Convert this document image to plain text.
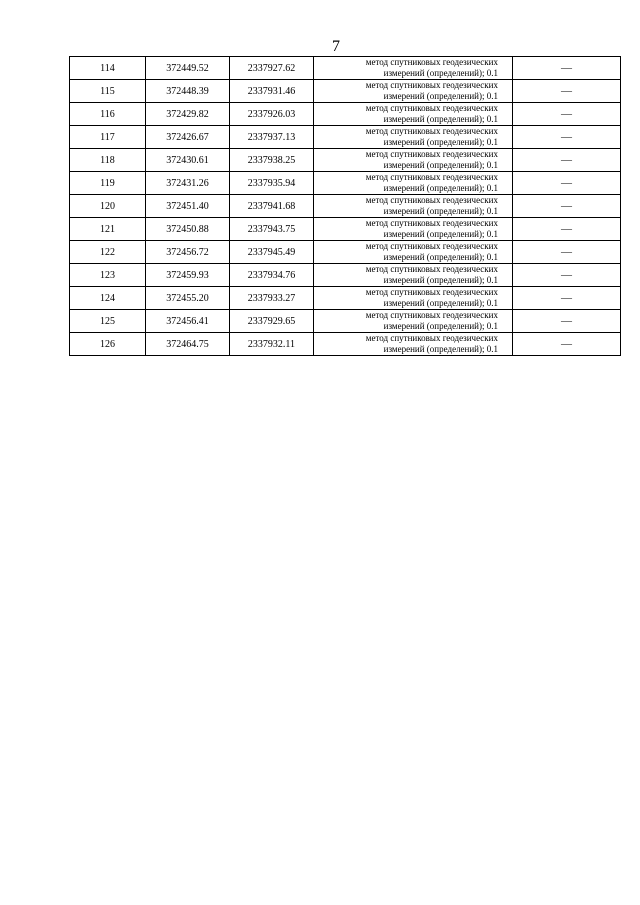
7
114	372449.52	2337927.62	метод спутниковых геодезических
измерений (определений); 0.1	—
115	372448.39	2337931.46	метод спутниковых геодезических
измерений (определений); 0.1	—
116	372429.82	2337926.03	метод спутниковых геодезических
измерений (определений); 0.1	—
117	372426.67	2337937.13	метод спутниковых геодезических
измерений (определений); 0.1	—
118	372430.61	2337938.25	метод спутниковых геодезических
измерений (определений); 0.1	—
119	372431.26	2337935.94	метод спутниковых геодезических
измерений (определений); 0.1	—
120	372451.40	2337941.68	метод спутниковых геодезических
измерений (определений); 0.1	—
121	372450.88	2337943.75	метод спутниковых геодезических
измерений (определений); 0.1	—
122	372456.72	2337945.49	метод спутниковых геодезических
измерений (определений); 0.1	—
123	372459.93	2337934.76	метод спутниковых геодезических
измерений (определений); 0.1	—
124	372455.20	2337933.27	метод спутниковых геодезических
измерений (определений); 0.1	—
125	372456.41	2337929.65	метод спутниковых геодезических
измерений (определений); 0.1	—
126	372464.75	2337932.11	метод спутниковых геодезических
измерений (определений); 0.1	—
